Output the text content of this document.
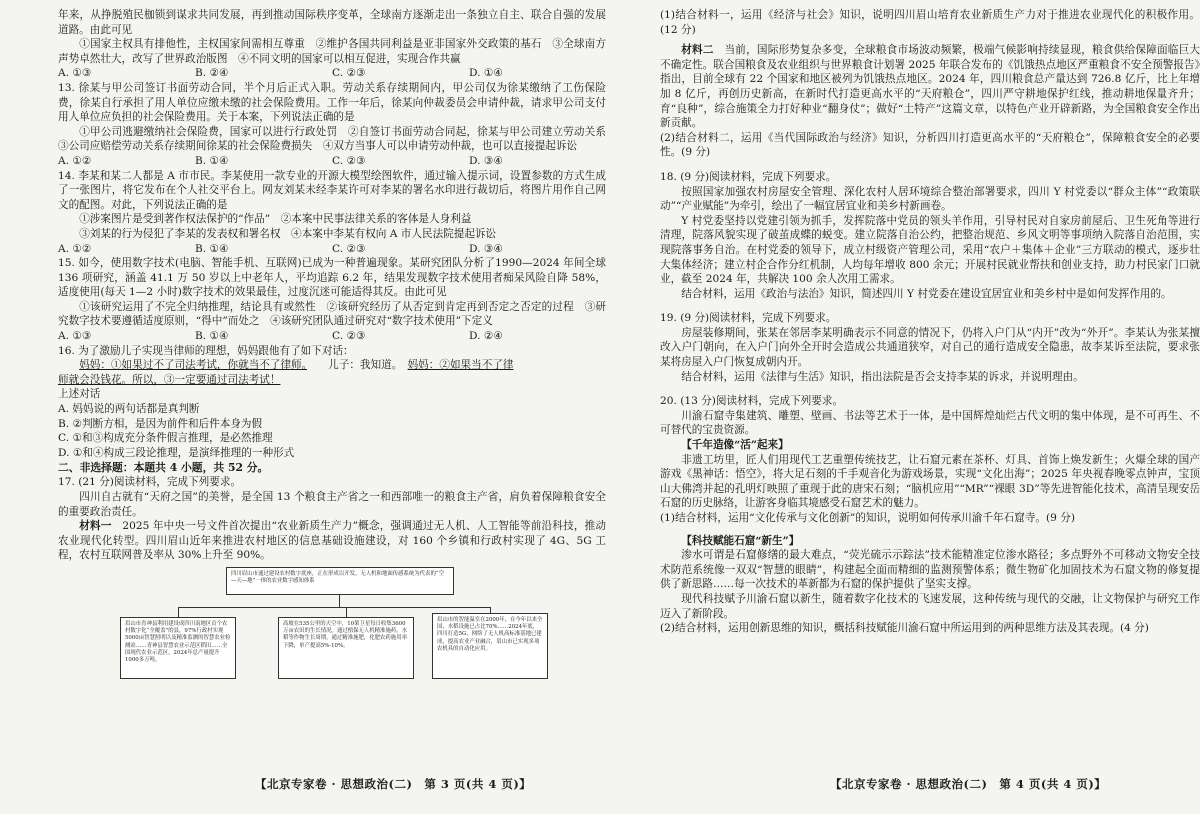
年来，从挣脱殖民枷锁到谋求共同发展，再到推动国际秩序变革，全球南方逐渐走出一条独立自主、联合自强的发展道路。由此可见

①国家主权具有排他性，主权国家间需相互尊重　②维护各国共同利益是亚非国家外交政策的基石　③全球南方声势卓然壮大，改写了世界政治版图　④不同文明的国家可以相互促进，实现合作共赢

A. ①③	B. ②④	C. ②③	D. ①④

13. 徐某与甲公司签订书面劳动合同，半个月后正式入职。劳动关系存续期间内，甲公司仅为徐某缴纳了工伤保险费，徐某自行承担了用人单位应缴未缴的社会保险费用。工作一年后，徐某向仲裁委员会申请仲裁，请求甲公司支付用人单位应负担的社会保险费用。关于本案，下列说法正确的是

①甲公司逃避缴纳社会保险费，国家可以进行行政处罚　②自签订书面劳动合同起，徐某与甲公司建立劳动关系　③公司应赔偿劳动关系存续期间徐某的社会保险费损失　④双方当事人可以申请劳动仲裁，也可以直接提起诉讼

A. ①②	B. ①④	C. ②③	D. ③④

14. 李某和某二人都是 A 市市民。李某使用一款专业的开源大模型绘图软件，通过输入提示词，设置参数的方式生成了一张图片，将它发布在个人社交平台上。网友刘某未经李某许可对李某的署名水印进行裁切后，将图片用作自己网文的配图。对此，下列说法正确的是

①涉案图片是受到著作权法保护的“作品”　②本案中民事法律关系的客体是人身利益

③刘某的行为侵犯了李某的发表权和署名权　④本案中李某有权向 A 市人民法院提起诉讼

A. ①②	B. ①④	C. ②③	D. ③④

15. 如今，使用数字技术(电脑、智能手机、互联网)已成为一种普遍现象。某研究团队分析了1990—2024 年间全球 136 项研究，涵盖 41.1 万 50 岁以上中老年人，平均追踪 6.2 年，结果发现数字技术使用者痴呆风险自降 58%，适度使用(每天 1—2 小时)数字技术的效果最佳，过度沉迷可能适得其反。由此可见

①该研究运用了不完全归纳推理，结论具有或然性　②该研究经历了从否定到肯定再到否定之否定的过程　③研究数字技术要遵循适度原则，“得中”而处之　④该研究团队通过研究对“数字技术使用”下定义

A. ①③	B. ①④	C. ②③	D. ②④

16. 为了激励儿子实现当律师的理想，妈妈跟他有了如下对话：

妈妈：①如果过不了司法考试，你就当不了律师。　　 儿子：我知道。　 妈妈：②如果当不了律

师就会没钱花。所以，③一定要通过司法考试！

上述对话

A. 妈妈说的两句话都是真判断

B. ②判断方相，是因为前件和后件本身为假

C. ①和③构成充分条件假言推理，是必然推理

D. ①和④构成三段论推理，是演绎推理的一种形式

二、非选择题：本题共 4 小题，共 52 分。

17. (21 分)阅读材料，完成下列要求。

四川自古就有“天府之国”的美誉，是全国 13 个粮食主产省之一和西部唯一的粮食主产省，肩负着保障粮食安全的重要政治责任。

材料一　 2025 年中央一号文件首次提出“农业新质生产力”概念，强调通过无人机、人工智能等前沿科技，推动农业现代化转型。四川眉山近年来推进农村地区的信息基础设施建设，对 160 个乡镇和行政村实现了 4G、5G 工程，农村互联网普及率从 30%上升至 90%。

四川眉山市通过建设农村数字底座，正在形成以开发、无人机和地面传感系统为代表的“空—天—地”一体的农业数字感知体系
眉山市青神县利用建设成四川南地区首个农村数字化“全覆盖”的县，97%行政村实现5000亩智慧照明以及精准监测的智慧农业检测站……青神县智慧农业示范区稻田……全国现代农业示范区，2024年总产量提升1000多万吨。
高坡在535公里的天空中，10架卫星每日收集3600万亩农田的生长情况。通过植保无人机精准施药，水稻等作物生长周期，通过精准施肥，化肥农药施用率下降，单产提高5%-10%。
眉山市的智能温室在2000年，在今年以来全国，水稻设施已占比70%……2024年底，四川打造5G、网络了无人机高标准基地已建成，提高农业产业融合，眉山市已实现多项农机具的自动化应用。
【北京专家卷 · 思想政治(二)　第 3 页(共 4 页)】

(1)结合材料一，运用《经济与社会》知识，说明四川眉山培育农业新质生产力对于推进农业现代化的积极作用。(12 分)

材料二　 当前，国际形势复杂多变，全球粮食市场波动频繁，极端气候影响持续显现，粮食供给保障面临巨大不确定性。联合国粮食及农业组织与世界粮食计划署 2025 年联合发布的《饥饿热点地区严重粮食不安全预警报告》指出，目前全球有 22 个国家和地区被列为饥饿热点地区。2024 年，四川粮食总产量达到 726.8 亿斤，比上年增加 8 亿斤，再创历史新高，在新时代打造更高水平的“天府粮仓”，四川严守耕地保护红线，推动耕地保量齐升；育“良种”，综合施策全力打好种业“翻身仗”；做好“土特产”这篇文章，以特色产业开辟新路，为全国粮食安全作出新贡献。

(2)结合材料二，运用《当代国际政治与经济》知识，分析四川打造更高水平的“天府粮仓”，保障粮食安全的必要性。(9 分)

18. (9 分)阅读材料，完成下列要求。

按照国家加强农村房屋安全管理、深化农村人居环境综合整治部署要求，四川 Y 村党委以“群众主体”“政策联动”“产业赋能”为牵引，绘出了一幅宜居宜业和美乡村新画卷。

Y 村党委坚持以党建引领为抓手，发挥院落中党员的领头羊作用，引导村民对自家房前屋后、卫生死角等进行清理，院落风貌实现了破茧成蝶的蜕变。建立院落自治公约，把整治规范、乡风文明等事项纳入院落自治范围，实现院落事务自治。在村党委的领导下，成立村级资产管理公司，采用“农户＋集体＋企业”三方联动的模式，逐步壮大集体经济；建立村企合作分红机制，人均每年增收 800 余元；开展村民就业帮扶和创业支持，助力村民家门口就业，截至 2024 年，共解决 100 余人次用工需求。

结合材料，运用《政治与法治》知识，简述四川 Y 村党委在建设宜居宜业和美乡村中是如何发挥作用的。

19. (9 分)阅读材料，完成下列要求。

房屋装修期间，张某在邻居李某明确表示不同意的情况下，仍将入户门从“内开”改为“外开”。李某认为张某擅改入户门朝向，在入户门向外全开时会造成公共通道狭窄，对自己的通行造成安全隐患，故李某诉至法院，要求张某将房屋入户门恢复成朝内开。

结合材料，运用《法律与生活》知识，指出法院是否会支持李某的诉求，并说明理由。

20. (13 分)阅读材料，完成下列要求。

川渝石窟寺集建筑、雕塑、壁画、书法等艺术于一体，是中国辉煌灿烂古代文明的集中体现，是不可再生、不可替代的宝贵资源。

【千年造像“活”起来】

非遗工坊里，匠人们用现代工艺重塑传统技艺，让石窟元素在茶杯、灯具、首饰上焕发新生；火爆全球的国产游戏《黑神话：悟空》，将大足石刻的千手观音化为游戏场景，实现“文化出海”；2025 年央视春晚零点钟声，宝顶山大佛湾并起的孔明灯映照了重现于此的唐宋石刻；“脑机应用”“MR”“裸眼 3D”等先进智能化技术，高清呈现安岳石窟的历史脉络，让游客身临其境感受石窟艺术的魅力。

(1)结合材料，运用“文化传承与文化创新”的知识，说明如何传承川渝千年石窟寺。(9 分)

【科技赋能石窟“新生”】

渗水可谓是石窟修缮的最大难点，“荧光硫示示踪法”技术能精准定位渗水路径；多点野外不可移动文物安全技术防范系统像一双双“智慧的眼睛”，构建起全面而精细的监测预警体系；微生物矿化加固技术为石窟文物的修复提供了新思路……每一次技术的革新都为石窟的保护提供了坚实支撑。

现代科技赋予川渝石窟以新生，随着数字化技术的飞速发展，这种传统与现代的交融，让文物保护与研究工作迈入了新阶段。

(2)结合材料，运用创新思维的知识，概括科技赋能川渝石窟中所运用到的两种思维方法及其表现。(4 分)

【北京专家卷 · 思想政治(二)　第 4 页(共 4 页)】
